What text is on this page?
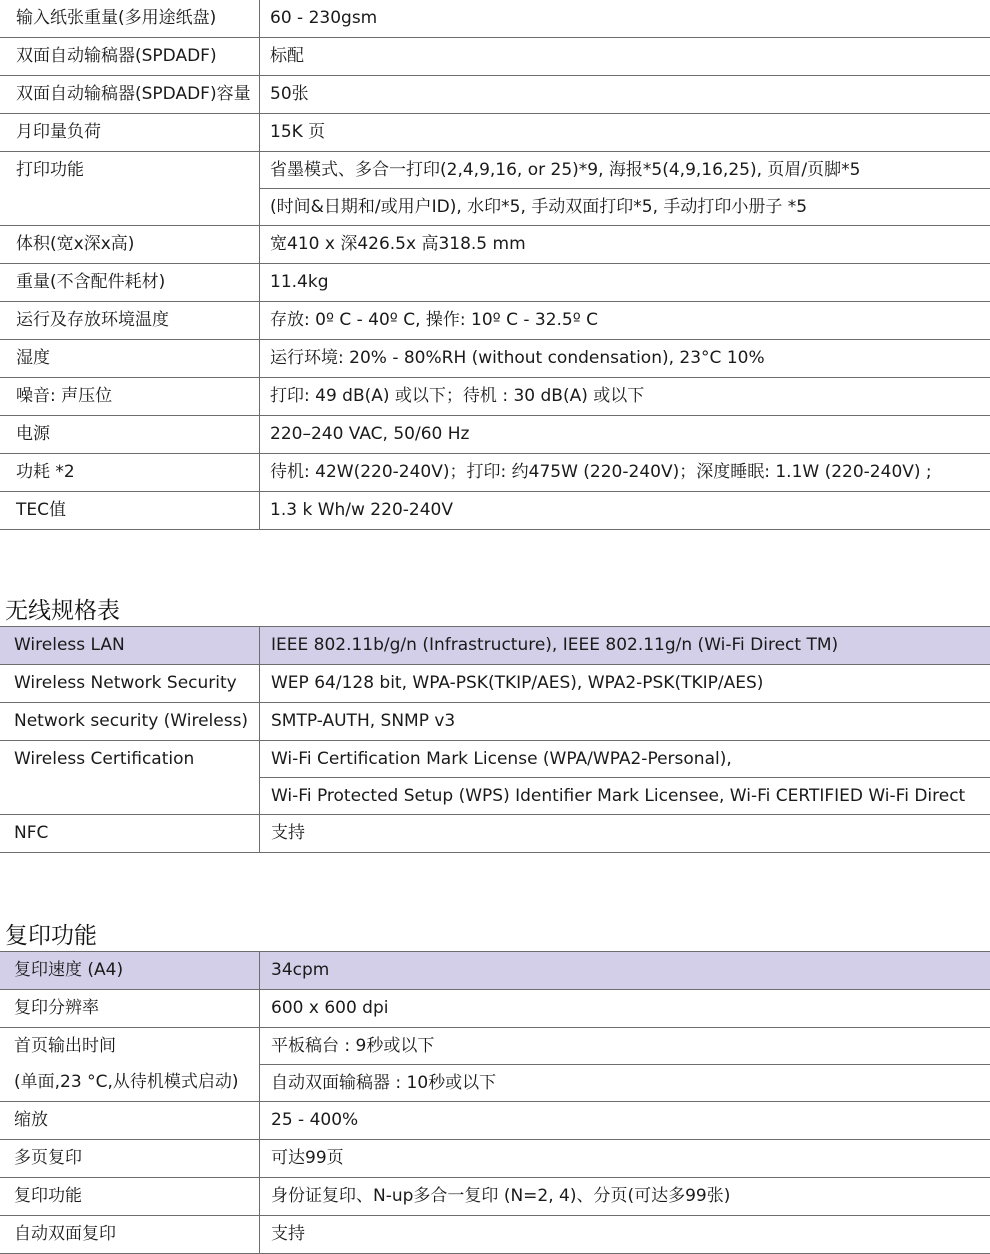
输入纸张重量(多用途纸盘)	60 - 230gsm

双面自动输稿器(SPDADF)	标配

双面自动输稿器(SPDADF)容量	50张

月印量负荷	15K 页

打印功能	省墨模式、多合一打印(2,4,9,16, or 25)*9, 海报*5(4,9,16,25), 页眉/页脚*5
(时间&日期和/或用户ID), 水印*5, 手动双面打印*5, 手动打印小册子 *5

体积(宽x深x高)	宽410 x 深426.5x 高318.5 mm

重量(不含配件耗材)	11.4kg

运行及存放环境温度	存放: 0º C - 40º C, 操作: 10º C - 32.5º C

湿度	运行环境: 20% - 80%RH (without condensation), 23°C 10%

噪音: 声压位	打印: 49 dB(A) 或以下；待机 : 30 dB(A) 或以下

电源	220–240 VAC, 50/60 Hz

功耗 *2	待机: 42W(220-240V)；打印: 约475W (220-240V)；深度睡眠: 1.1W (220-240V) ;

TEC值	1.3 k Wh/w 220-240V
无线规格表
Wireless LAN	IEEE 802.11b/g/n (Infrastructure), IEEE 802.11g/n (Wi-Fi Direct TM)

Wireless Network Security	WEP 64/128 bit, WPA-PSK(TKIP/AES), WPA2-PSK(TKIP/AES)

Network security (Wireless)	SMTP-AUTH, SNMP v3

Wireless Certification	Wi-Fi Certification Mark License (WPA/WPA2-Personal),
Wi-Fi Protected Setup (WPS) Identifier Mark Licensee, Wi-Fi CERTIFIED Wi-Fi Direct

NFC	支持
复印功能
复印速度 (A4)	34cpm

复印分辨率	600 x 600 dpi

首页输出时间
(单面,23 °C,从待机模式启动)	平板稿台 : 9秒或以下
自动双面输稿器 : 10秒或以下

缩放	25 - 400%

多页复印	可达99页

复印功能	身份证复印、N-up多合一复印 (N=2, 4)、分页(可达多99张)

自动双面复印	支持
